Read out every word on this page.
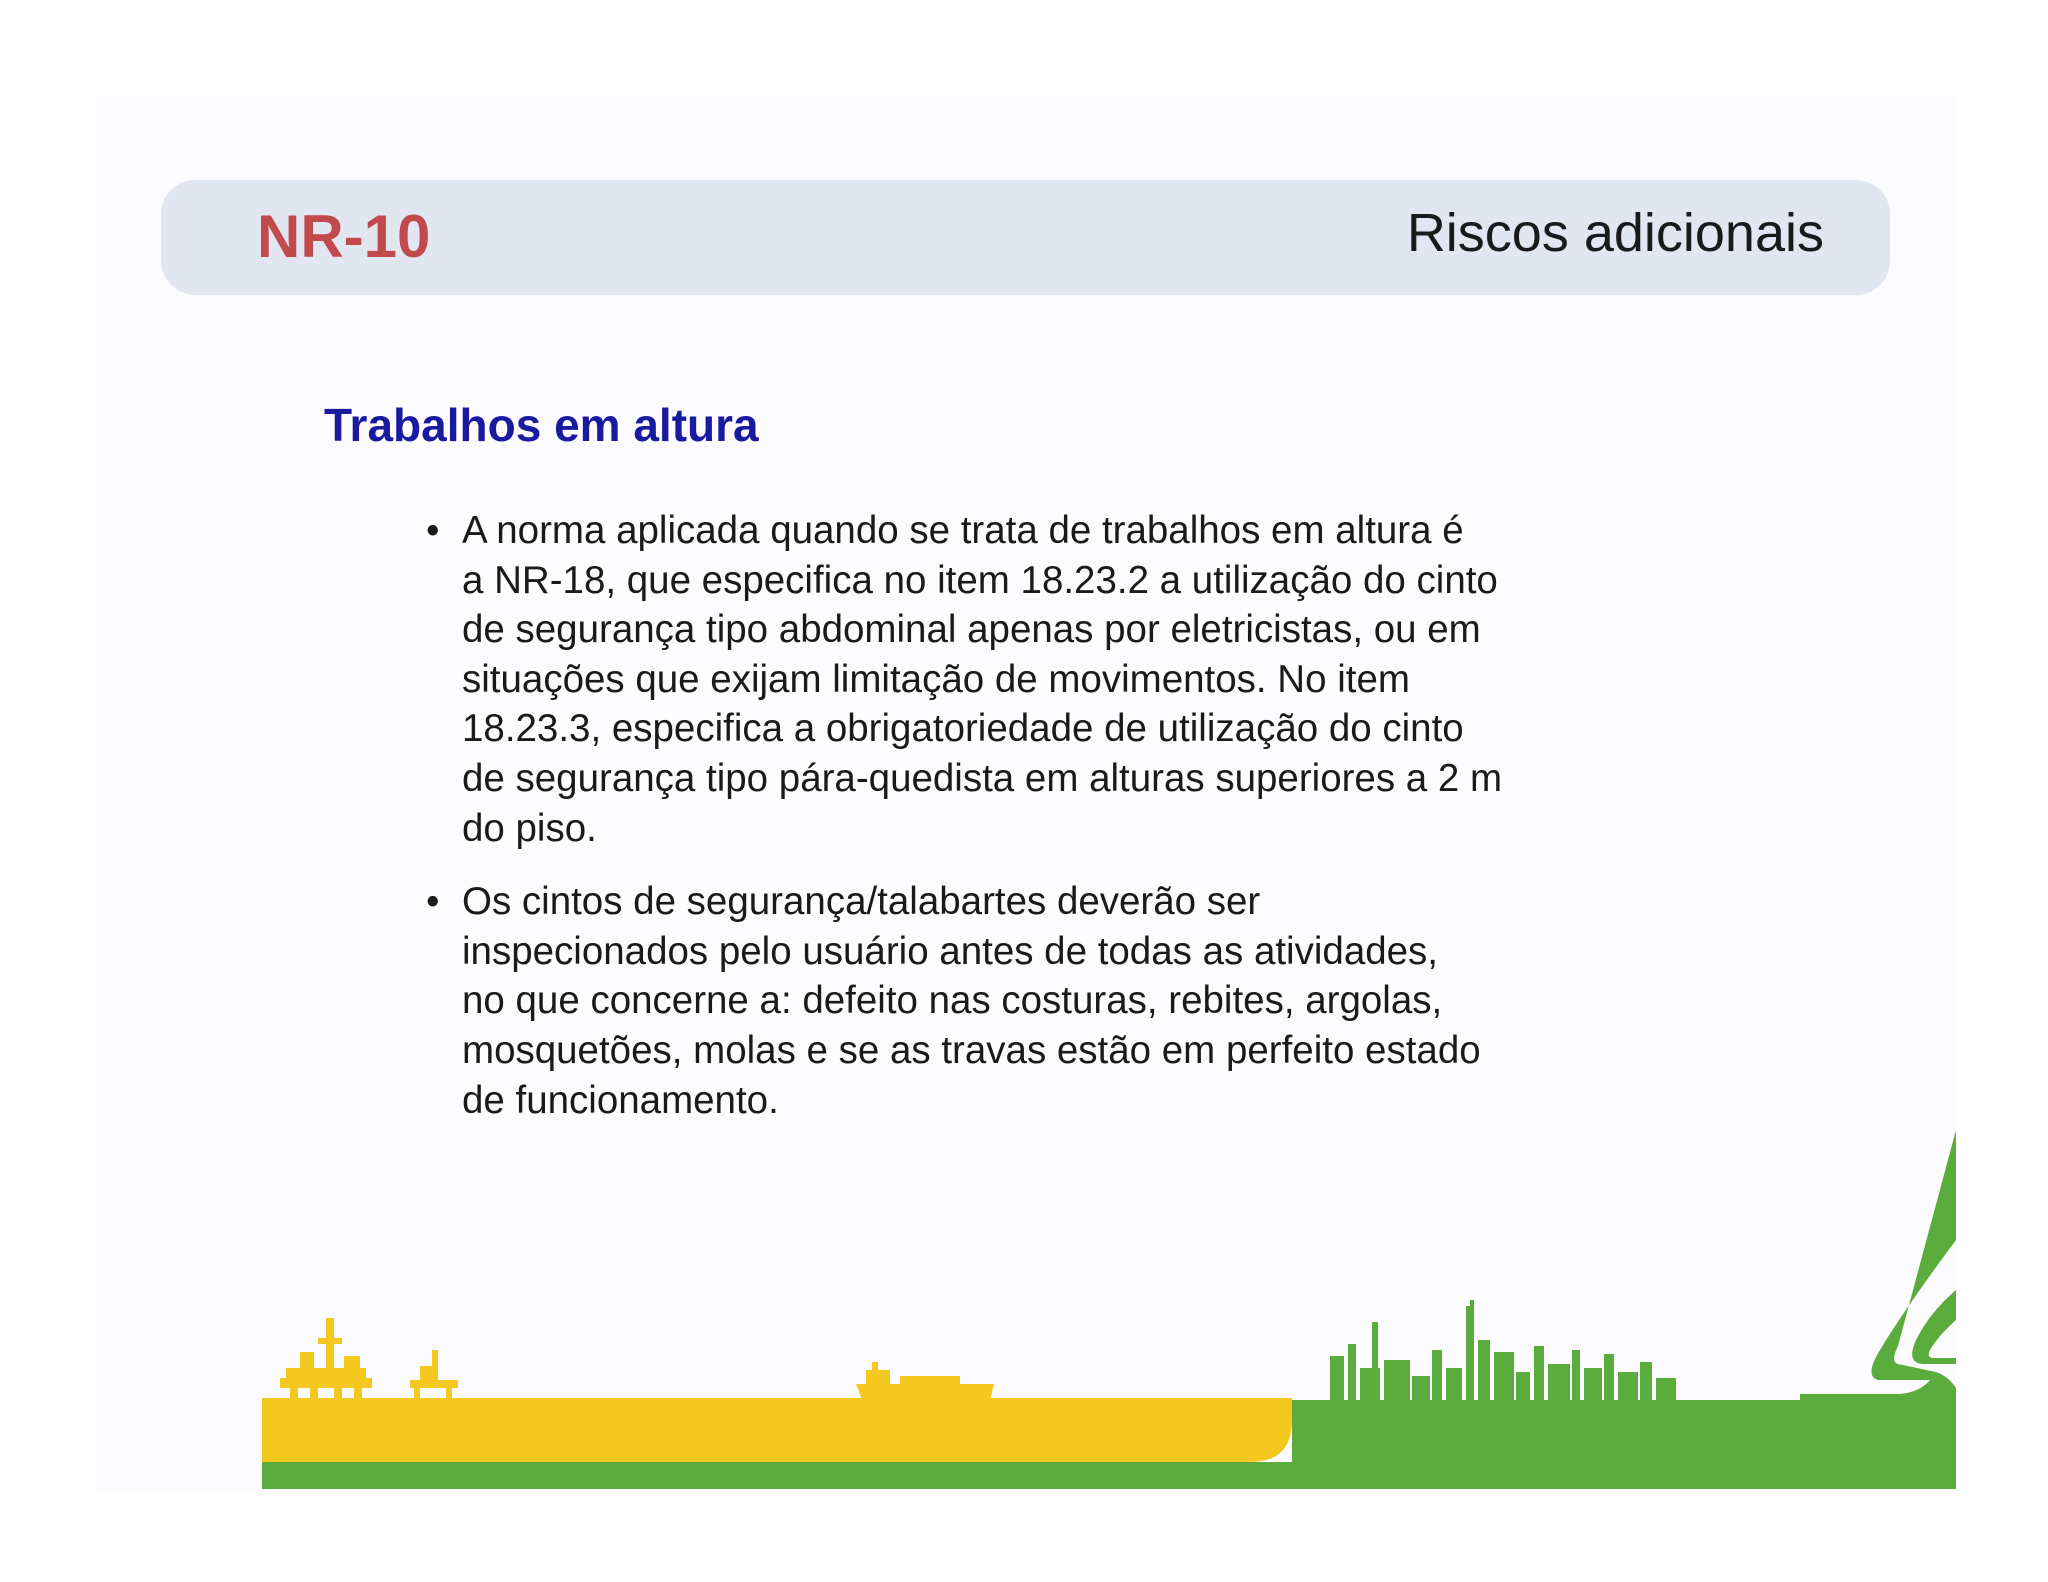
NR-10	Riscos adicionais
Trabalhos em altura
• A norma aplicada quando se trata de trabalhos em altura é
a NR-18, que especifica no item 18.23.2 a utilização do cinto
de segurança tipo abdominal apenas por eletricistas, ou em
situações que exijam limitação de movimentos. No item
18.23.3, especifica a obrigatoriedade de utilização do cinto
de segurança tipo pára-quedista em alturas superiores a 2 m
do piso.
• Os cintos de segurança/talabartes deverão ser
inspecionados pelo usuário antes de todas as atividades,
no que concerne a: defeito nas costuras, rebites, argolas,
mosquetões, molas e se as travas estão em perfeito estado
de funcionamento.
